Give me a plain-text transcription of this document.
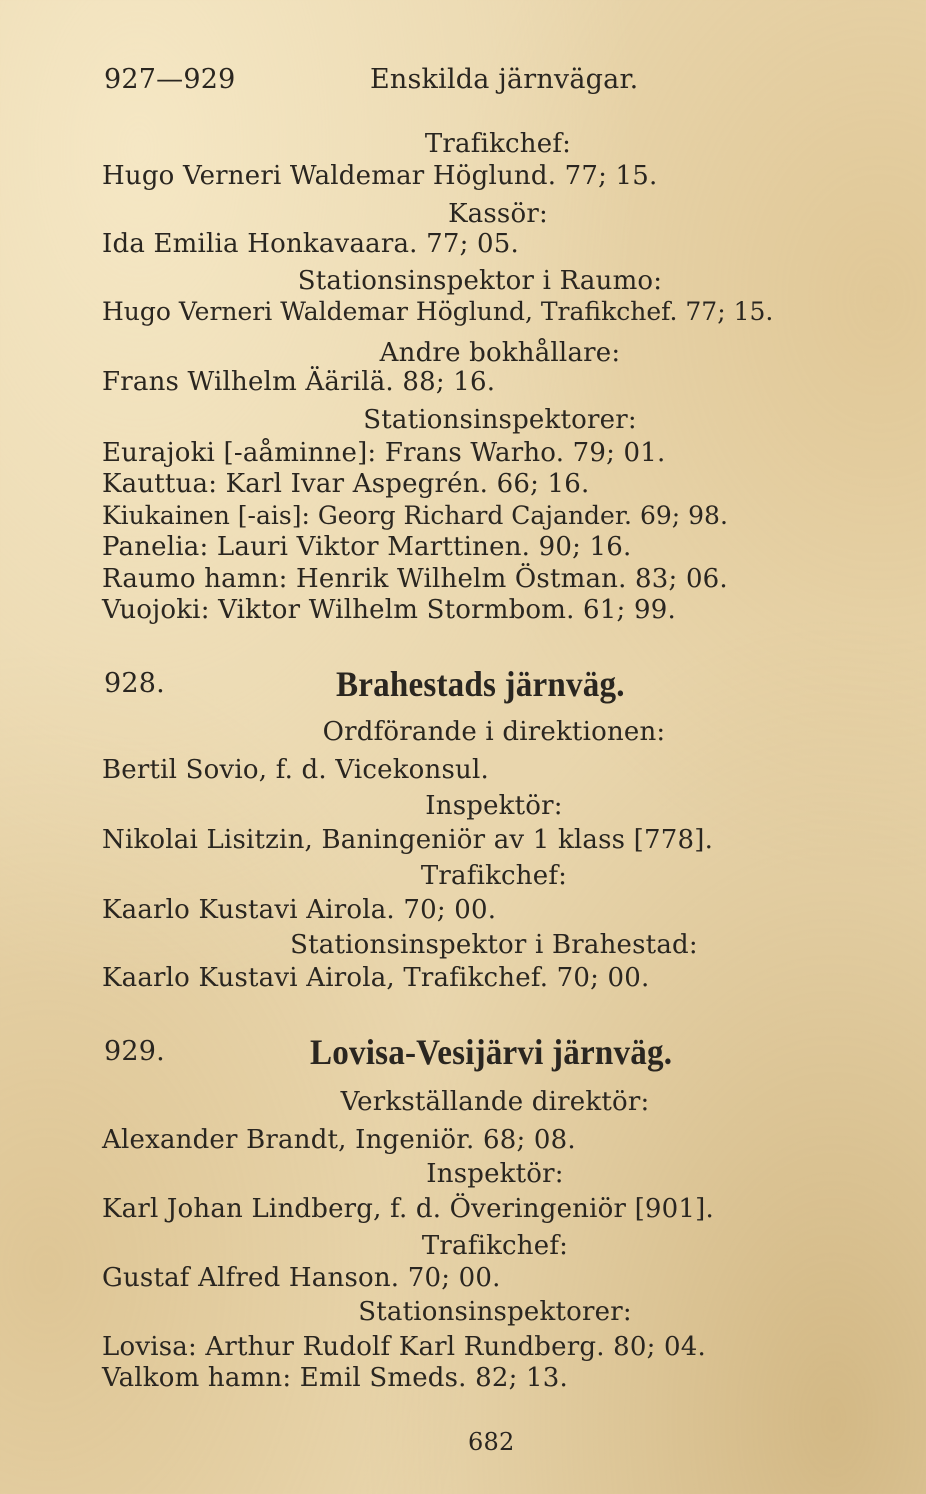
927—929	Enskilda järnvägar.
Trafikchef:
Hugo Verneri Waldemar Höglund. 77; 15.
Kassör:
Ida Emilia Honkavaara. 77; 05.
Stationsinspektor i Raumo:
Hugo Verneri Waldemar Höglund, Trafikchef. 77; 15.
Andre bokhållare:
Frans Wilhelm Äärilä. 88; 16.
Stationsinspektorer:
Eurajoki [-aåminne]: Frans Warho. 79; 01.
Kauttua: Karl Ivar Aspegrén. 66; 16.
Kiukainen [-ais]: Georg Richard Cajander. 69; 98.
Panelia: Lauri Viktor Marttinen. 90; 16.
Raumo hamn: Henrik Wilhelm Östman. 83; 06.
Vuojoki: Viktor Wilhelm Stormbom. 61; 99.
928.	Brahestads järnväg.
Ordförande i direktionen:
Bertil Sovio, f. d. Vicekonsul.
Inspektör:
Nikolai Lisitzin, Baningeniör av 1 klass [778].
Trafikchef:
Kaarlo Kustavi Airola. 70; 00.
Stationsinspektor i Brahestad:
Kaarlo Kustavi Airola, Trafikchef. 70; 00.
929.	Lovisa-Vesijärvi järnväg.
Verkställande direktör:
Alexander Brandt, Ingeniör. 68; 08.
Inspektör:
Karl Johan Lindberg, f. d. Överingeniör [901].
Trafikchef:
Gustaf Alfred Hanson. 70; 00.
Stationsinspektorer:
Lovisa: Arthur Rudolf Karl Rundberg. 80; 04.
Valkom hamn: Emil Smeds. 82; 13.
682
